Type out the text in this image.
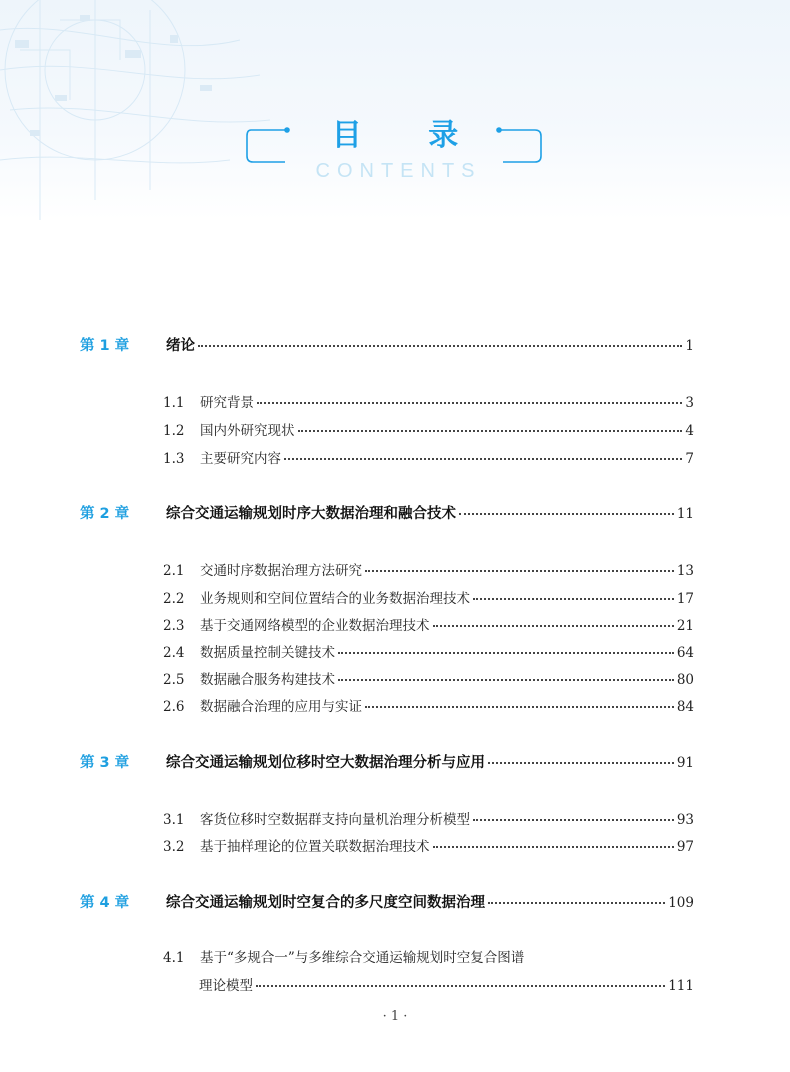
目 录
CONTENTS
第 1 章	绪论	1
1.1	研究背景	3
1.2	国内外研究现状	4
1.3	主要研究内容	7
第 2 章	综合交通运输规划时序大数据治理和融合技术	11
2.1	交通时序数据治理方法研究	13
2.2	业务规则和空间位置结合的业务数据治理技术	17
2.3	基于交通网络模型的企业数据治理技术	21
2.4	数据质量控制关键技术	64
2.5	数据融合服务构建技术	80
2.6	数据融合治理的应用与实证	84
第 3 章	综合交通运输规划位移时空大数据治理分析与应用	91
3.1	客货位移时空数据群支持向量机治理分析模型	93
3.2	基于抽样理论的位置关联数据治理技术	97
第 4 章	综合交通运输规划时空复合的多尺度空间数据治理	109
4.1	基于“多规合一”与多维综合交通运输规划时空复合图谱
理论模型	111
· 1 ·
